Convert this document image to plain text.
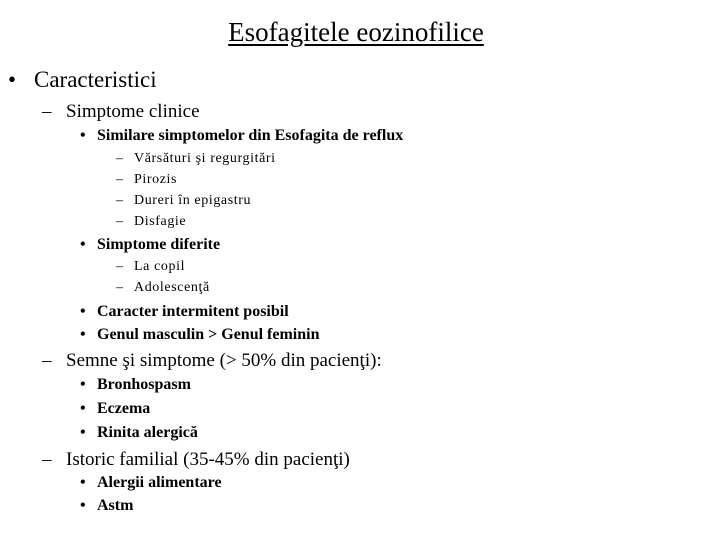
Esofagitele eozinofilice
• Caracteristici
– Simptome clinice
• Similare simptomelor din Esofagita de reflux
– Vărsături şi regurgitări
– Pirozis
– Dureri în epigastru
– Disfagie
• Simptome diferite
– La copil
– Adolescenţă
• Caracter intermitent posibil
• Genul masculin > Genul feminin
– Semne şi simptome (> 50% din pacienţi):
• Bronhospasm
• Eczema
• Rinita alergică
– Istoric familial (35-45% din pacienţi)
• Alergii alimentare
• Astm
